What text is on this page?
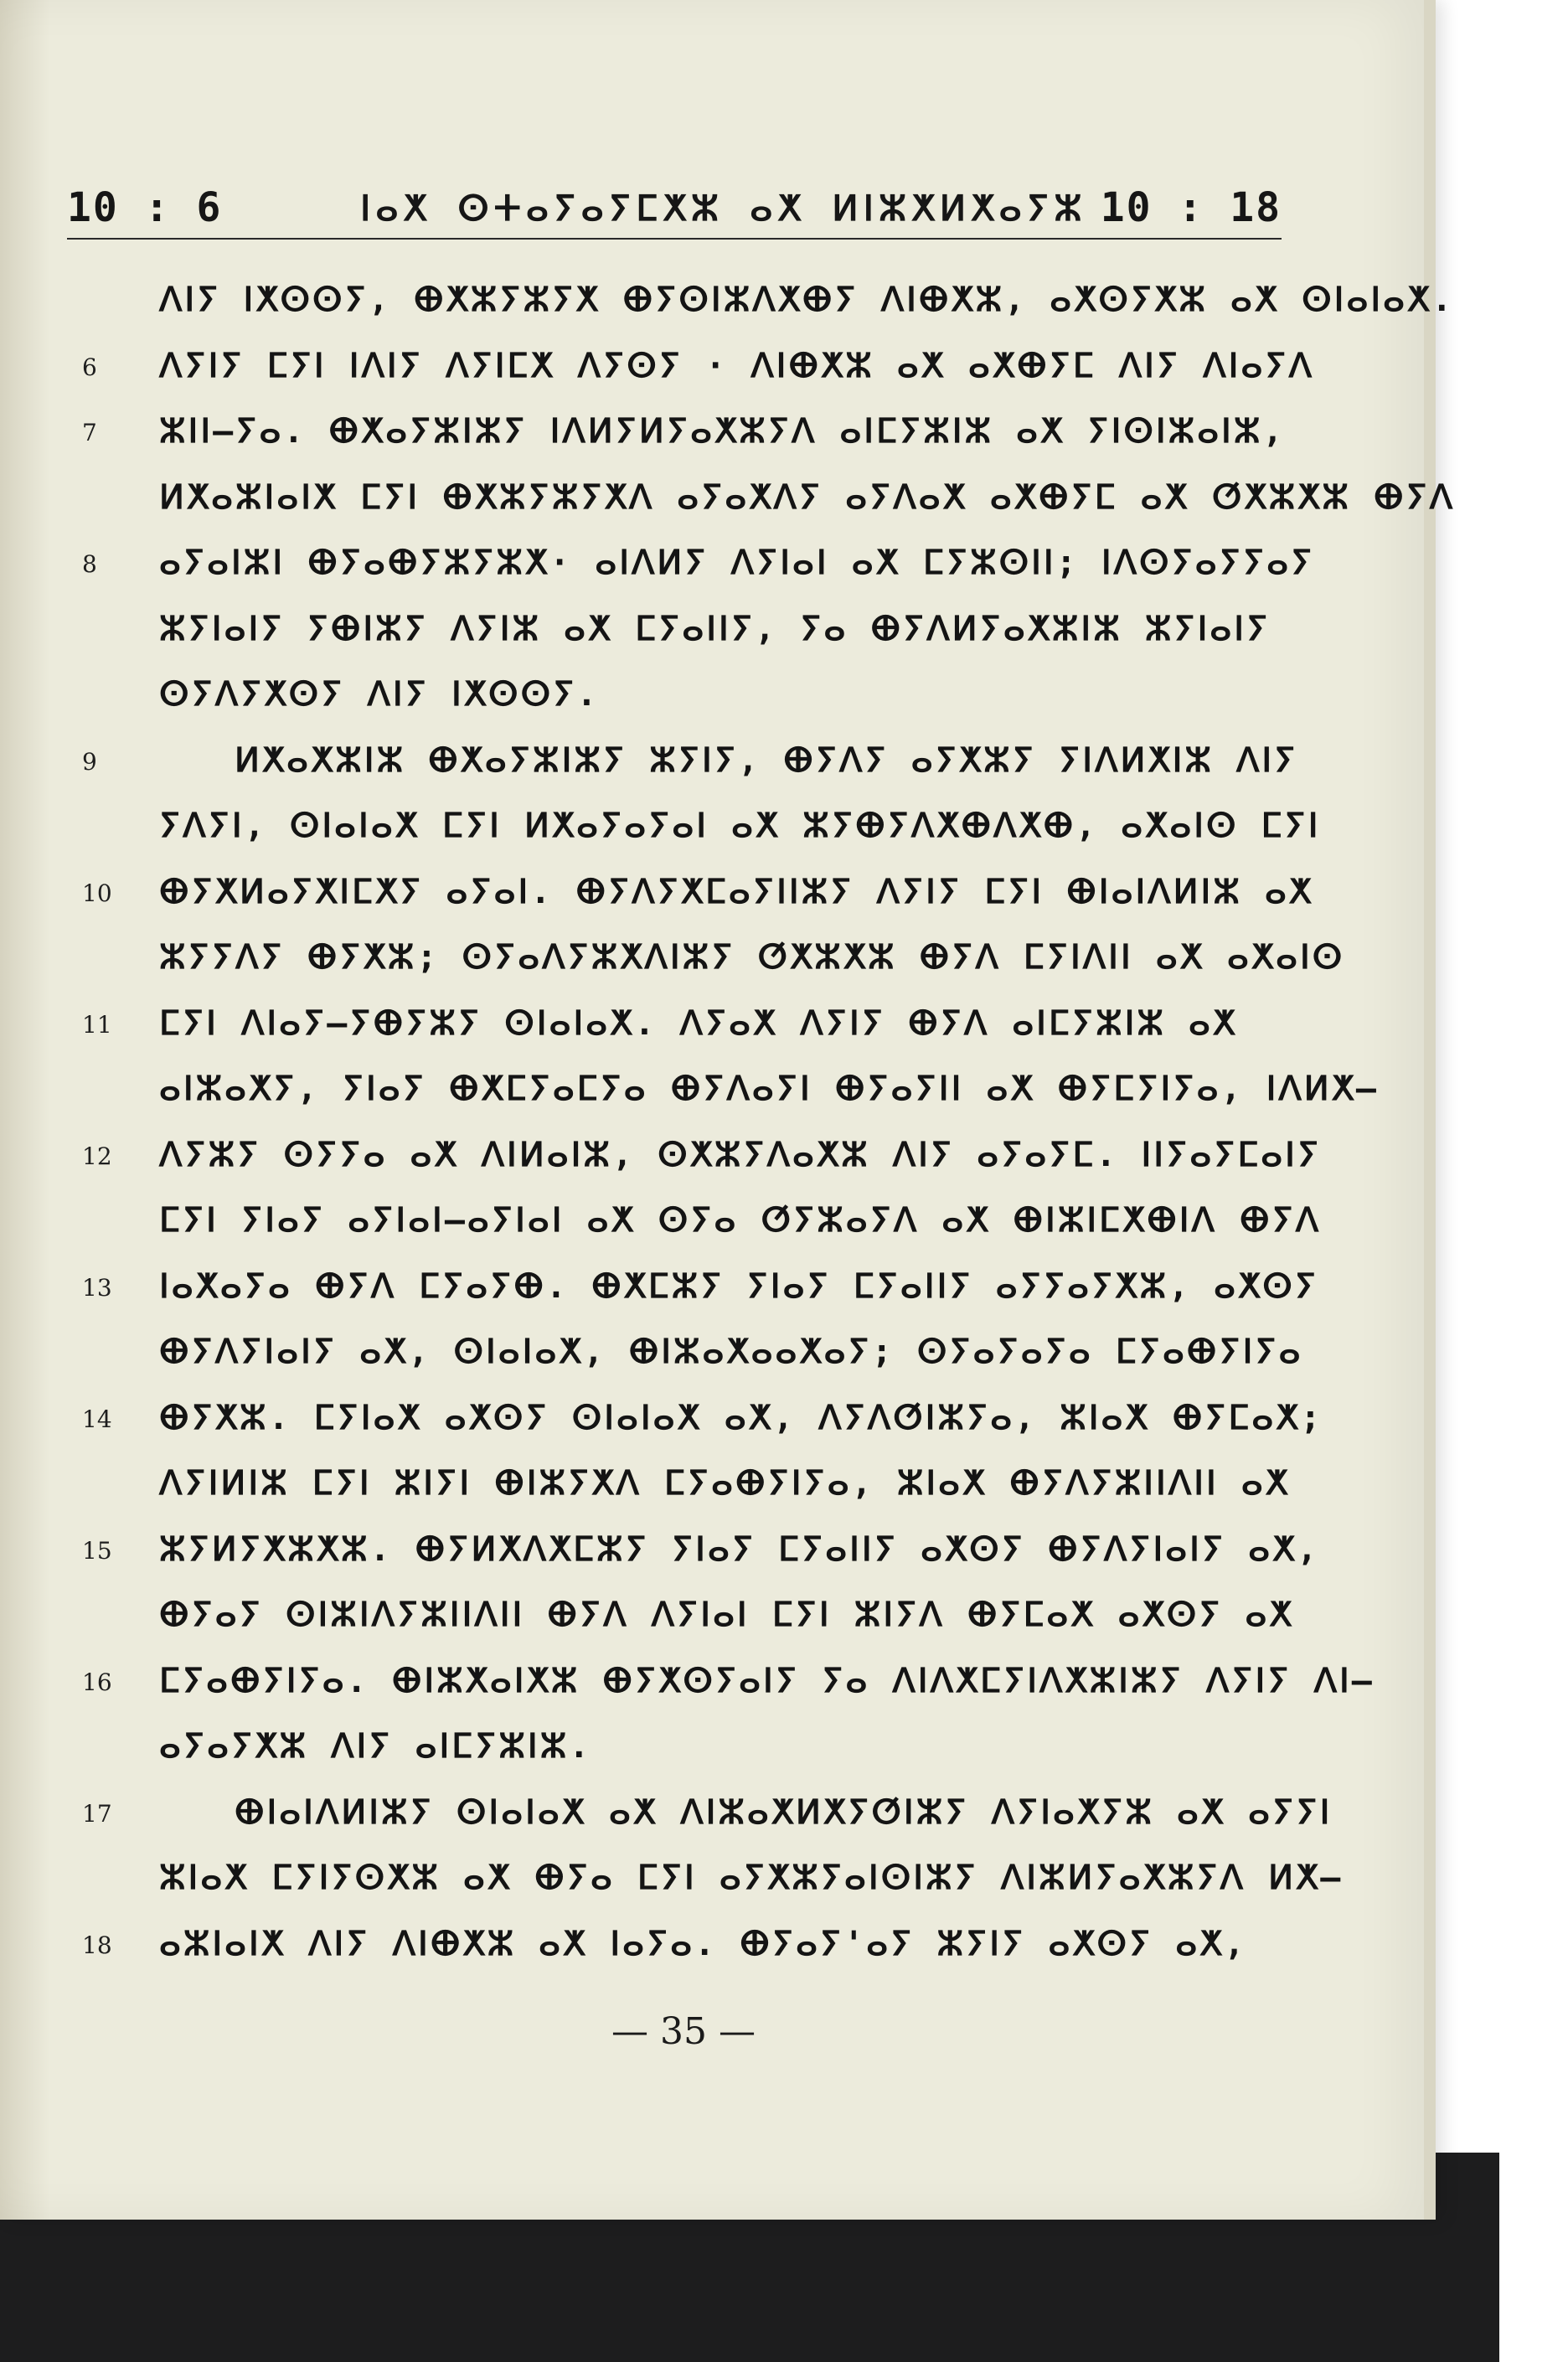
10 : 6	ⵏⴰⵅ ⵙⵜⴰⵢⴰⵢⵎⵅⵣ ⴰⵅ ⵍⵏⵣⵅⵍⵅⴰⵢⵣ 10 : 18
ⴷⵏⵢ ⵏⵅⵙⵙⵢ, ⴲⵅⵣⵢⵣⵢⵅ ⴲⵢⵙⵏⵣⴷⵅⴲⵢ ⴷⵏⴲⵅⵣ, ⴰⵅⵙⵢⵅⵣ ⴰⵅ ⵙⵏⴰⵏⴰⵅ.
6 ⴷⵢⵏⵢ ⵎⵢⵏ ⵏⴷⵏⵢ ⴷⵢⵏⵎⵅ ⴷⵢⵙⵢ · ⴷⵏⴲⵅⵣ ⴰⵅ ⴰⵅⴲⵢⵎ ⴷⵏⵢ ⴷⵏⴰⵢⴷ
7 ⵣⵏⵏ—ⵢⴰ. ⴲⵅⴰⵢⵣⵏⵣⵢ ⵏⴷⵍⵢⵍⵢⴰⵅⵣⵢⴷ ⴰⵏⵎⵢⵣⵏⵣ ⴰⵅ ⵢⵏⵙⵏⵣⴰⵏⵣ,
ⵍⵅⴰⵣⵏⴰⵏⵅ ⵎⵢⵏ ⴲⵅⵣⵢⵣⵢⵅⴷ ⴰⵢⴰⵅⴷⵢ ⴰⵢⴷⴰⵅ ⴰⵅⴲⵢⵎ ⴰⵅ ⵚⵅⵣⵅⵣ ⴲⵢⴷ
8 ⴰⵢⴰⵏⵣⵏ ⴲⵢⴰⴲⵢⵣⵢⵣⵅ· ⴰⵏⴷⵍⵢ ⴷⵢⵏⴰⵏ ⴰⵅ ⵎⵢⵣⵙⵏⵏ; ⵏⴷⵙⵢⴰⵢⵢⴰⵢ
ⵣⵢⵏⴰⵏⵢ ⵢⴲⵏⵣⵢ ⴷⵢⵏⵣ ⴰⵅ ⵎⵢⴰⵏⵏⵢ, ⵢⴰ ⴲⵢⴷⵍⵢⴰⵅⵣⵏⵣ ⵣⵢⵏⴰⵏⵢ
ⵙⵢⴷⵢⵅⵙⵢ ⴷⵏⵢ ⵏⵅⵙⵙⵢ.
9	ⵍⵅⴰⵅⵣⵏⵣ ⴲⵅⴰⵢⵣⵏⵣⵢ ⵣⵢⵏⵢ, ⴲⵢⴷⵢ ⴰⵢⵅⵣⵢ ⵢⵏⴷⵍⵅⵏⵣ ⴷⵏⵢ
ⵢⴷⵢⵏ, ⵙⵏⴰⵏⴰⵅ ⵎⵢⵏ ⵍⵅⴰⵢⴰⵢⴰⵏ ⴰⵅ ⵣⵢⴲⵢⴷⵅⴲⴷⵅⴲ, ⴰⵅⴰⵏⵙ ⵎⵢⵏ
10 ⴲⵢⵅⵍⴰⵢⵅⵏⵎⵅⵢ ⴰⵢⴰⵏ. ⴲⵢⴷⵢⵅⵎⴰⵢⵏⵏⵣⵢ ⴷⵢⵏⵢ ⵎⵢⵏ ⴲⵏⴰⵏⴷⵍⵏⵣ ⴰⵅ
ⵣⵢⵢⴷⵢ ⴲⵢⵅⵣ; ⵙⵢⴰⴷⵢⵣⵅⴷⵏⵣⵢ ⵚⵅⵣⵅⵣ ⴲⵢⴷ ⵎⵢⵏⴷⵏⵏ ⴰⵅ ⴰⵅⴰⵏⵙ
11 ⵎⵢⵏ ⴷⵏⴰⵢ—ⵢⴲⵢⵣⵢ ⵙⵏⴰⵏⴰⵅ. ⴷⵢⴰⵅ ⴷⵢⵏⵢ ⴲⵢⴷ ⴰⵏⵎⵢⵣⵏⵣ ⴰⵅ
ⴰⵏⵣⴰⵅⵢ, ⵢⵏⴰⵢ ⴲⵅⵎⵢⴰⵎⵢⴰ ⴲⵢⴷⴰⵢⵏ ⴲⵢⴰⵢⵏⵏ ⴰⵅ ⴲⵢⵎⵢⵏⵢⴰ, ⵏⴷⵍⵅ—
12 ⴷⵢⵣⵢ ⵙⵢⵢⴰ ⴰⵅ ⴷⵏⵍⴰⵏⵣ, ⵙⵅⵣⵢⴷⴰⵅⵣ ⴷⵏⵢ ⴰⵢⴰⵢⵎ. ⵏⵏⵢⴰⵢⵎⴰⵏⵢ
ⵎⵢⵏ ⵢⵏⴰⵢ ⴰⵢⵏⴰⵏ—ⴰⵢⵏⴰⵏ ⴰⵅ ⵙⵢⴰ ⵚⵢⵣⴰⵢⴷ ⴰⵅ ⴲⵏⵣⵏⵎⵅⴲⵏⴷ ⴲⵢⴷ
13 ⵏⴰⵅⴰⵢⴰ ⴲⵢⴷ ⵎⵢⴰⵢⴲ. ⴲⵅⵎⵣⵢ ⵢⵏⴰⵢ ⵎⵢⴰⵏⵏⵢ ⴰⵢⵢⴰⵢⵅⵣ, ⴰⵅⵙⵢ
ⴲⵢⴷⵢⵏⴰⵏⵢ ⴰⵅ, ⵙⵏⴰⵏⴰⵅ, ⴲⵏⵣⴰⵅⴰⴰⵅⴰⵢ; ⵙⵢⴰⵢⴰⵢⴰ ⵎⵢⴰⴲⵢⵏⵢⴰ
14 ⴲⵢⵅⵣ. ⵎⵢⵏⴰⵅ ⴰⵅⵙⵢ ⵙⵏⴰⵏⴰⵅ ⴰⵅ, ⴷⵢⴷⵚⵏⵣⵢⴰ, ⵣⵏⴰⵅ ⴲⵢⵎⴰⵅ;
ⴷⵢⵏⵍⵏⵣ ⵎⵢⵏ ⵣⵏⵢⵏ ⴲⵏⵣⵢⵅⴷ ⵎⵢⴰⴲⵢⵏⵢⴰ, ⵣⵏⴰⵅ ⴲⵢⴷⵢⵣⵏⵏⴷⵏⵏ ⴰⵅ
15 ⵣⵢⵍⵢⵅⵣⵅⵣ. ⴲⵢⵍⵅⴷⵅⵎⵣⵢ ⵢⵏⴰⵢ ⵎⵢⴰⵏⵏⵢ ⴰⵅⵙⵢ ⴲⵢⴷⵢⵏⴰⵏⵢ ⴰⵅ,
ⴲⵢⴰⵢ ⵙⵏⵣⵏⴷⵢⵣⵏⵏⴷⵏⵏ ⴲⵢⴷ ⴷⵢⵏⴰⵏ ⵎⵢⵏ ⵣⵏⵢⴷ ⴲⵢⵎⴰⵅ ⴰⵅⵙⵢ ⴰⵅ
16 ⵎⵢⴰⴲⵢⵏⵢⴰ. ⴲⵏⵣⵅⴰⵏⵅⵣ ⴲⵢⵅⵙⵢⴰⵏⵢ ⵢⴰ ⴷⵏⴷⵅⵎⵢⵏⴷⵅⵣⵏⵣⵢ ⴷⵢⵏⵢ ⴷⵏ—
ⴰⵢⴰⵢⵅⵣ ⴷⵏⵢ ⴰⵏⵎⵢⵣⵏⵣ.
17	ⴲⵏⴰⵏⴷⵍⵏⵣⵢ ⵙⵏⴰⵏⴰⵅ ⴰⵅ ⴷⵏⵣⴰⵅⵍⵅⵢⵚⵏⵣⵢ ⴷⵢⵏⴰⵅⵢⵣ ⴰⵅ ⴰⵢⵢⵏ
ⵣⵏⴰⵅ ⵎⵢⵏⵢⵙⵅⵣ ⴰⵅ ⴲⵢⴰ ⵎⵢⵏ ⴰⵢⵅⵣⵢⴰⵏⵙⵏⵣⵢ ⴷⵏⵣⵍⵢⴰⵅⵣⵢⴷ ⵍⵅ—
18 ⴰⵣⵏⴰⵏⵅ ⴷⵏⵢ ⴷⵏⴲⵅⵣ ⴰⵅ ⵏⴰⵢⴰ. ⴲⵢⴰⵢ'ⴰⵢ ⵣⵢⵏⵢ ⴰⵅⵙⵢ ⴰⵅ,
— 35 —
